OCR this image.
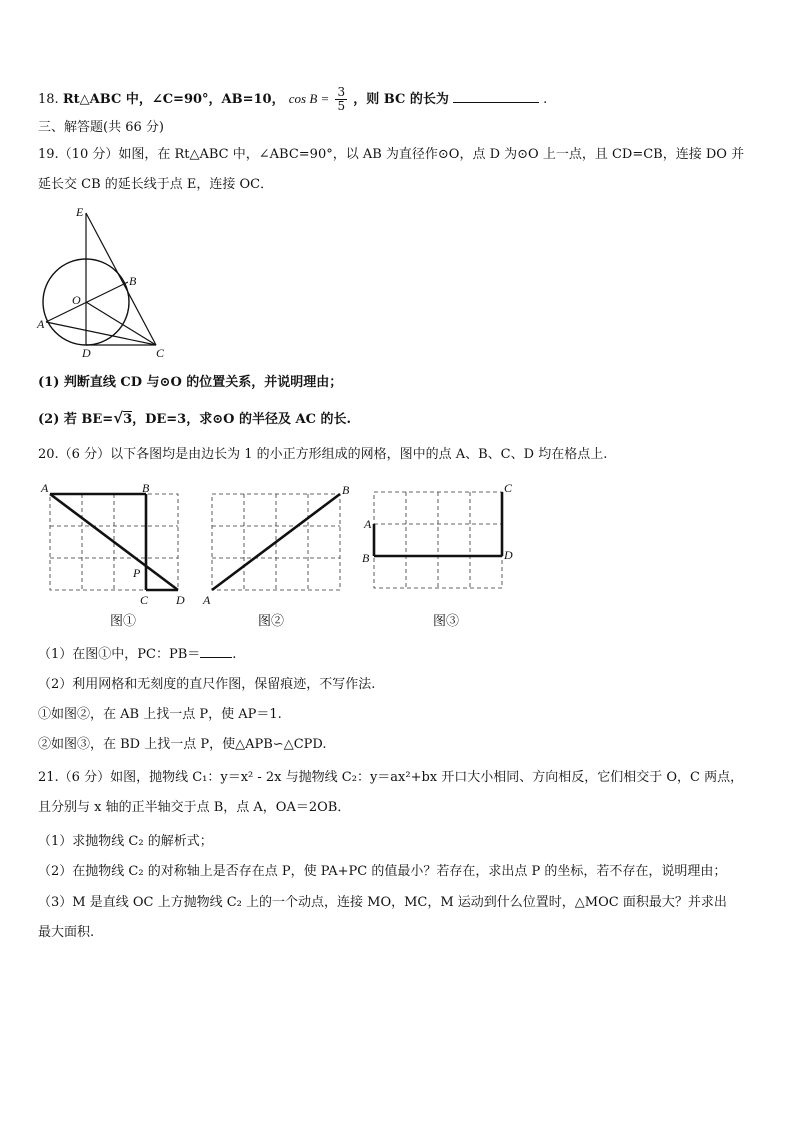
18. Rt△ABC 中，∠C=90°，AB=10， $\cos B = \frac{3}{5}$ ，则 BC 的长为	.
三、解答题(共 66 分)
19.（10 分）如图，在 Rt△ABC 中，∠ABC=90°，以 AB 为直径作⊙O，点 D 为⊙O 上一点，且 CD=CB，连接 DO 并
延长交 CB 的延长线于点 E，连接 OC．
E
B
O
A
D	C
(1) 判断直线 CD 与⊙O 的位置关系，并说明理由；
(2) 若 BE=√3，DE=3，求⊙O 的半径及 AC 的长.
20.（6 分）以下各图均是由边长为 1 的小正方形组成的网格，图中的点 A、B、C、D 均在格点上.
A	B
P
C D
图①
A
B
图②
A
B
C
D
图③
（1）在图①中，PC：PB＝ .
（2）利用网格和无刻度的直尺作图，保留痕迹，不写作法.
①如图②，在 AB 上找一点 P，使 AP＝1.
②如图③，在 BD 上找一点 P，使△APB∽△CPD.
21.（6 分）如图，抛物线 C₁：y＝x² - 2x 与抛物线 C₂：y＝ax²+bx 开口大小相同、方向相反，它们相交于 O，C 两点，
且分别与 x 轴的正半轴交于点 B，点 A，OA＝2OB．
（1）求抛物线 C₂ 的解析式；
（2）在抛物线 C₂ 的对称轴上是否存在点 P，使 PA+PC 的值最小？若存在，求出点 P 的坐标，若不存在，说明理由；
（3）M 是直线 OC 上方抛物线 C₂ 上的一个动点，连接 MO，MC，M 运动到什么位置时，△MOC 面积最大？并求出
最大面积.
